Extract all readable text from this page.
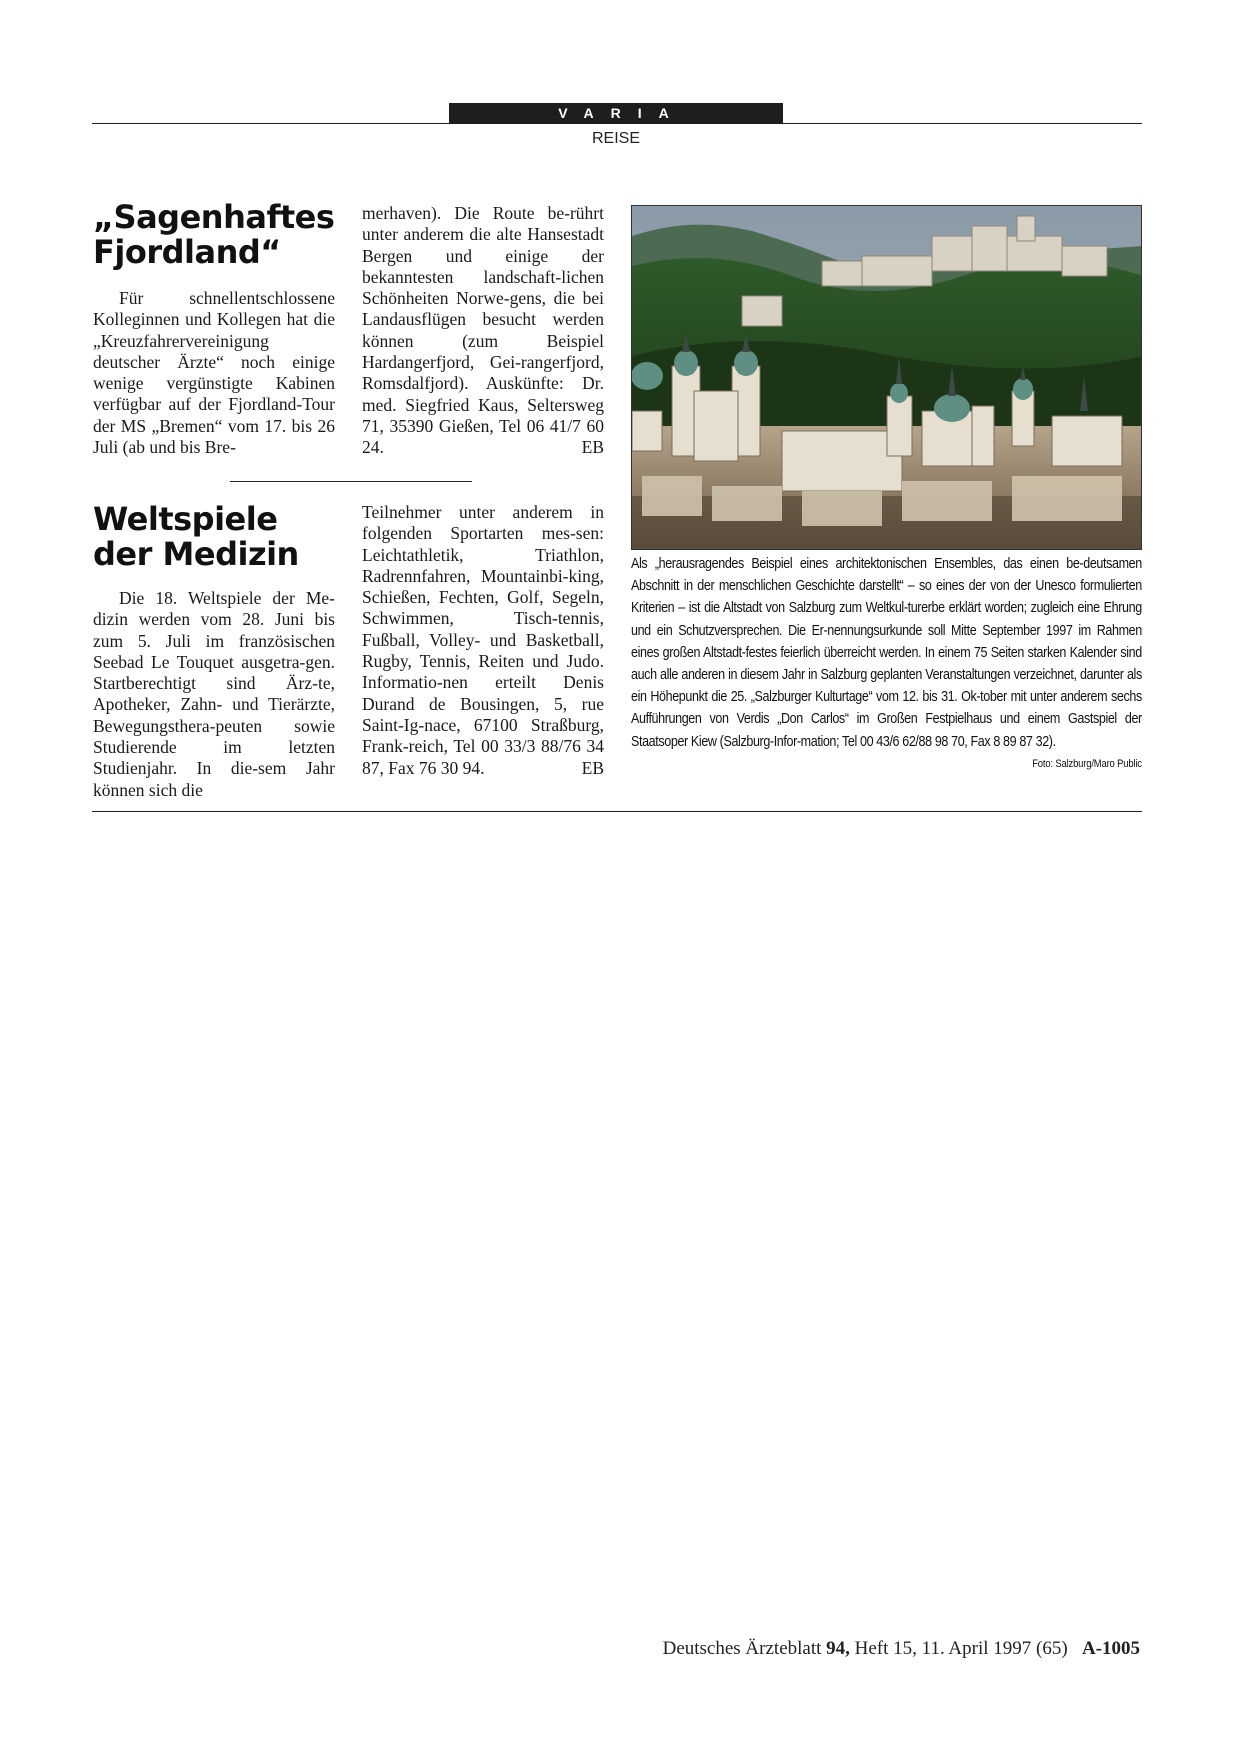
VARIA
REISE
„Sagenhaftes
Fjordland“

Für schnellentschlossene Kolleginnen und Kollegen hat die „Kreuzfahrervereinigung deutscher Ärzte“ noch einige wenige vergünstigte Kabinen verfügbar auf der Fjordland-Tour der MS „Bremen“ vom 17. bis 26 Juli (ab und bis Bre-

merhaven). Die Route be-rührt unter anderem die alte Hansestadt Bergen und einige der bekanntesten landschaft-lichen Schönheiten Norwe-gens, die bei Landausflügen besucht werden können (zum Beispiel Hardangerfjord, Gei-rangerfjord, Romsdalfjord). Auskünfte: Dr. med. Siegfried Kaus, Seltersweg 71, 35390 Gießen, Tel 06 41/7 60 24.	EB

Weltspiele
der Medizin

Die 18. Weltspiele der Me-dizin werden vom 28. Juni bis zum 5. Juli im französischen Seebad Le Touquet ausgetra-gen. Startberechtigt sind Ärz-te, Apotheker, Zahn- und Tierärzte, Bewegungsthera-peuten sowie Studierende im letzten Studienjahr. In die-sem Jahr können sich die

Teilnehmer unter anderem in folgenden Sportarten mes-sen: Leichtathletik, Triathlon, Radrennfahren, Mountainbi-king, Schießen, Fechten, Golf, Segeln, Schwimmen, Tisch-tennis, Fußball, Volley- und Basketball, Rugby, Tennis, Reiten und Judo. Informatio-nen erteilt Denis Durand de Bousingen, 5, rue Saint-Ig-nace, 67100 Straßburg, Frank-reich, Tel 00 33/3 88/76 34 87, Fax 76 30 94.	EB

Als „herausragendes Beispiel eines architektonischen Ensembles, das einen be-deutsamen Abschnitt in der menschlichen Geschichte darstellt“ – so eines der von der Unesco formulierten Kriterien – ist die Altstadt von Salzburg zum Weltkul-turerbe erklärt worden; zugleich eine Ehrung und ein Schutzversprechen. Die Er-nennungsurkunde soll Mitte September 1997 im Rahmen eines großen Altstadt-festes feierlich überreicht werden. In einem 75 Seiten starken Kalender sind auch alle anderen in diesem Jahr in Salzburg geplanten Veranstaltungen verzeichnet, darunter als ein Höhepunkt die 25. „Salzburger Kulturtage“ vom 12. bis 31. Ok-tober mit unter anderem sechs Aufführungen von Verdis „Don Carlos“ im Großen Festpielhaus und einem Gastspiel der Staatsoper Kiew (Salzburg-Infor-mation; Tel 00 43/6 62/88 98 70, Fax 8 89 87 32).
Foto: Salzburg/Maro Public
Deutsches Ärzteblatt 94, Heft 15, 11. April 1997 (65) A-1005
